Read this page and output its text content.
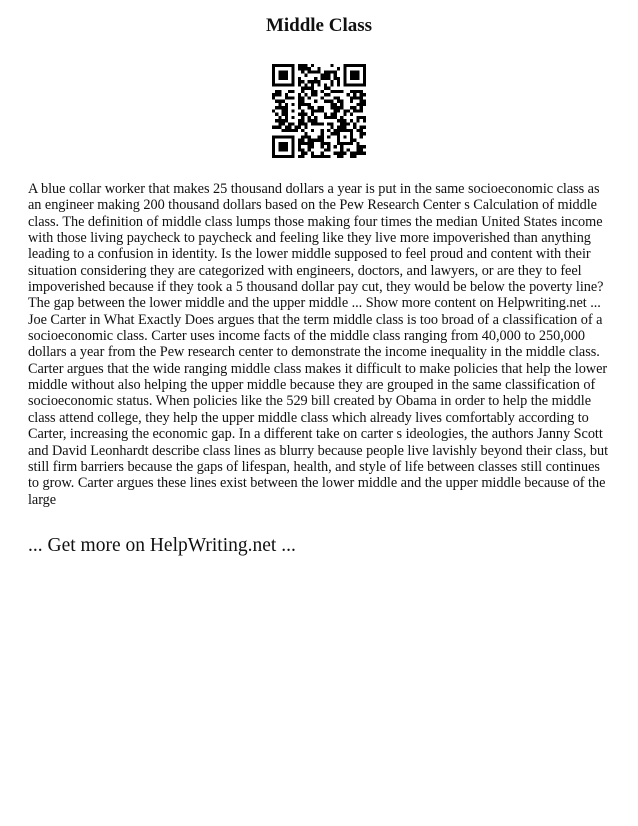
Middle Class

A blue collar worker that makes 25 thousand dollars a year is put in the same socioeconomic class as an engineer making 200 thousand dollars based on the Pew Research Center s Calculation of middle class. The definition of middle class lumps those making four times the median United States income with those living paycheck to paycheck and feeling like they live more impoverished than anything leading to a confusion in identity. Is the lower middle supposed to feel proud and content with their situation considering they are categorized with engineers, doctors, and lawyers, or are they to feel impoverished because if they took a 5 thousand dollar pay cut, they would be below the poverty line? The gap between the lower middle and the upper middle ... Show more content on Helpwriting.net ... Joe Carter in What Exactly Does argues that the term middle class is too broad of a classification of a socioeconomic class. Carter uses income facts of the middle class ranging from 40,000 to 250,000 dollars a year from the Pew research center to demonstrate the income inequality in the middle class. Carter argues that the wide ranging middle class makes it difficult to make policies that help the lower middle without also helping the upper middle because they are grouped in the same classification of socioeconomic status. When policies like the 529 bill created by Obama in order to help the middle class attend college, they help the upper middle class which already lives comfortably according to Carter, increasing the economic gap. In a different take on carter s ideologies, the authors Janny Scott and David Leonhardt describe class lines as blurry because people live lavishly beyond their class, but still firm barriers because the gaps of lifespan, health, and style of life between classes still continues to grow. Carter argues these lines exist between the lower middle and the upper middle because of the large

... Get more on HelpWriting.net ...
